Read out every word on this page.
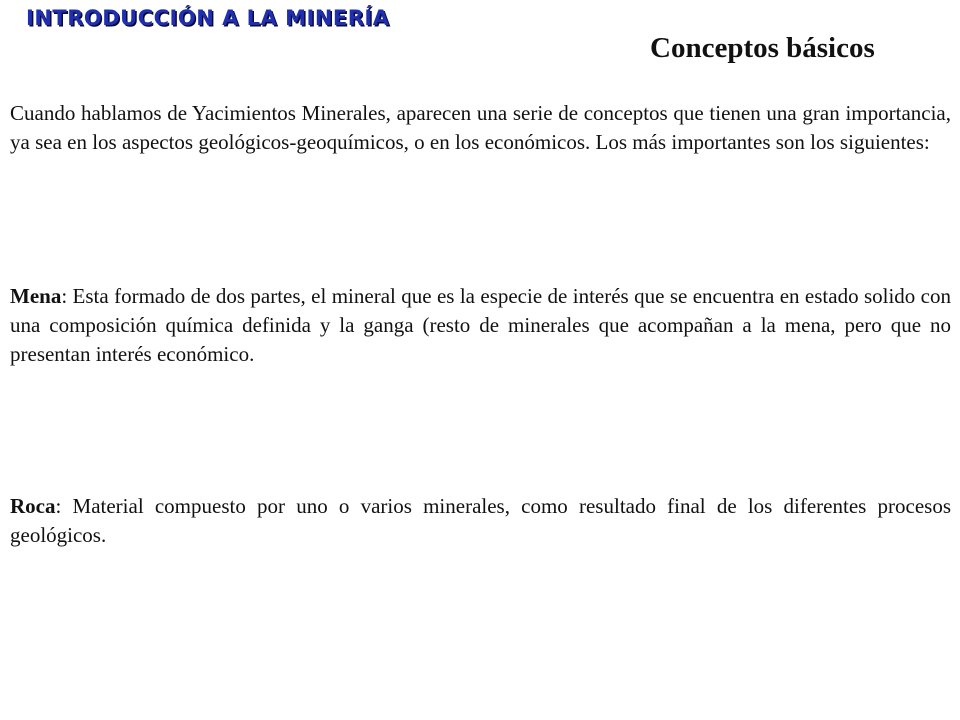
INTRODUCCIÓN A LA MINERÍA
Conceptos básicos

Cuando hablamos de Yacimientos Minerales, aparecen una serie de conceptos que tienen una gran importancia, ya sea en los aspectos geológicos-geoquímicos, o en los económicos. Los más importantes son los siguientes:

Mena: Esta formado de dos partes, el mineral que es la especie de interés que se encuentra en estado solido con una composición química definida y la ganga (resto de minerales que acompañan a la mena, pero que no presentan interés económico.

Roca: Material compuesto por uno o varios minerales, como resultado final de los diferentes procesos geológicos.
